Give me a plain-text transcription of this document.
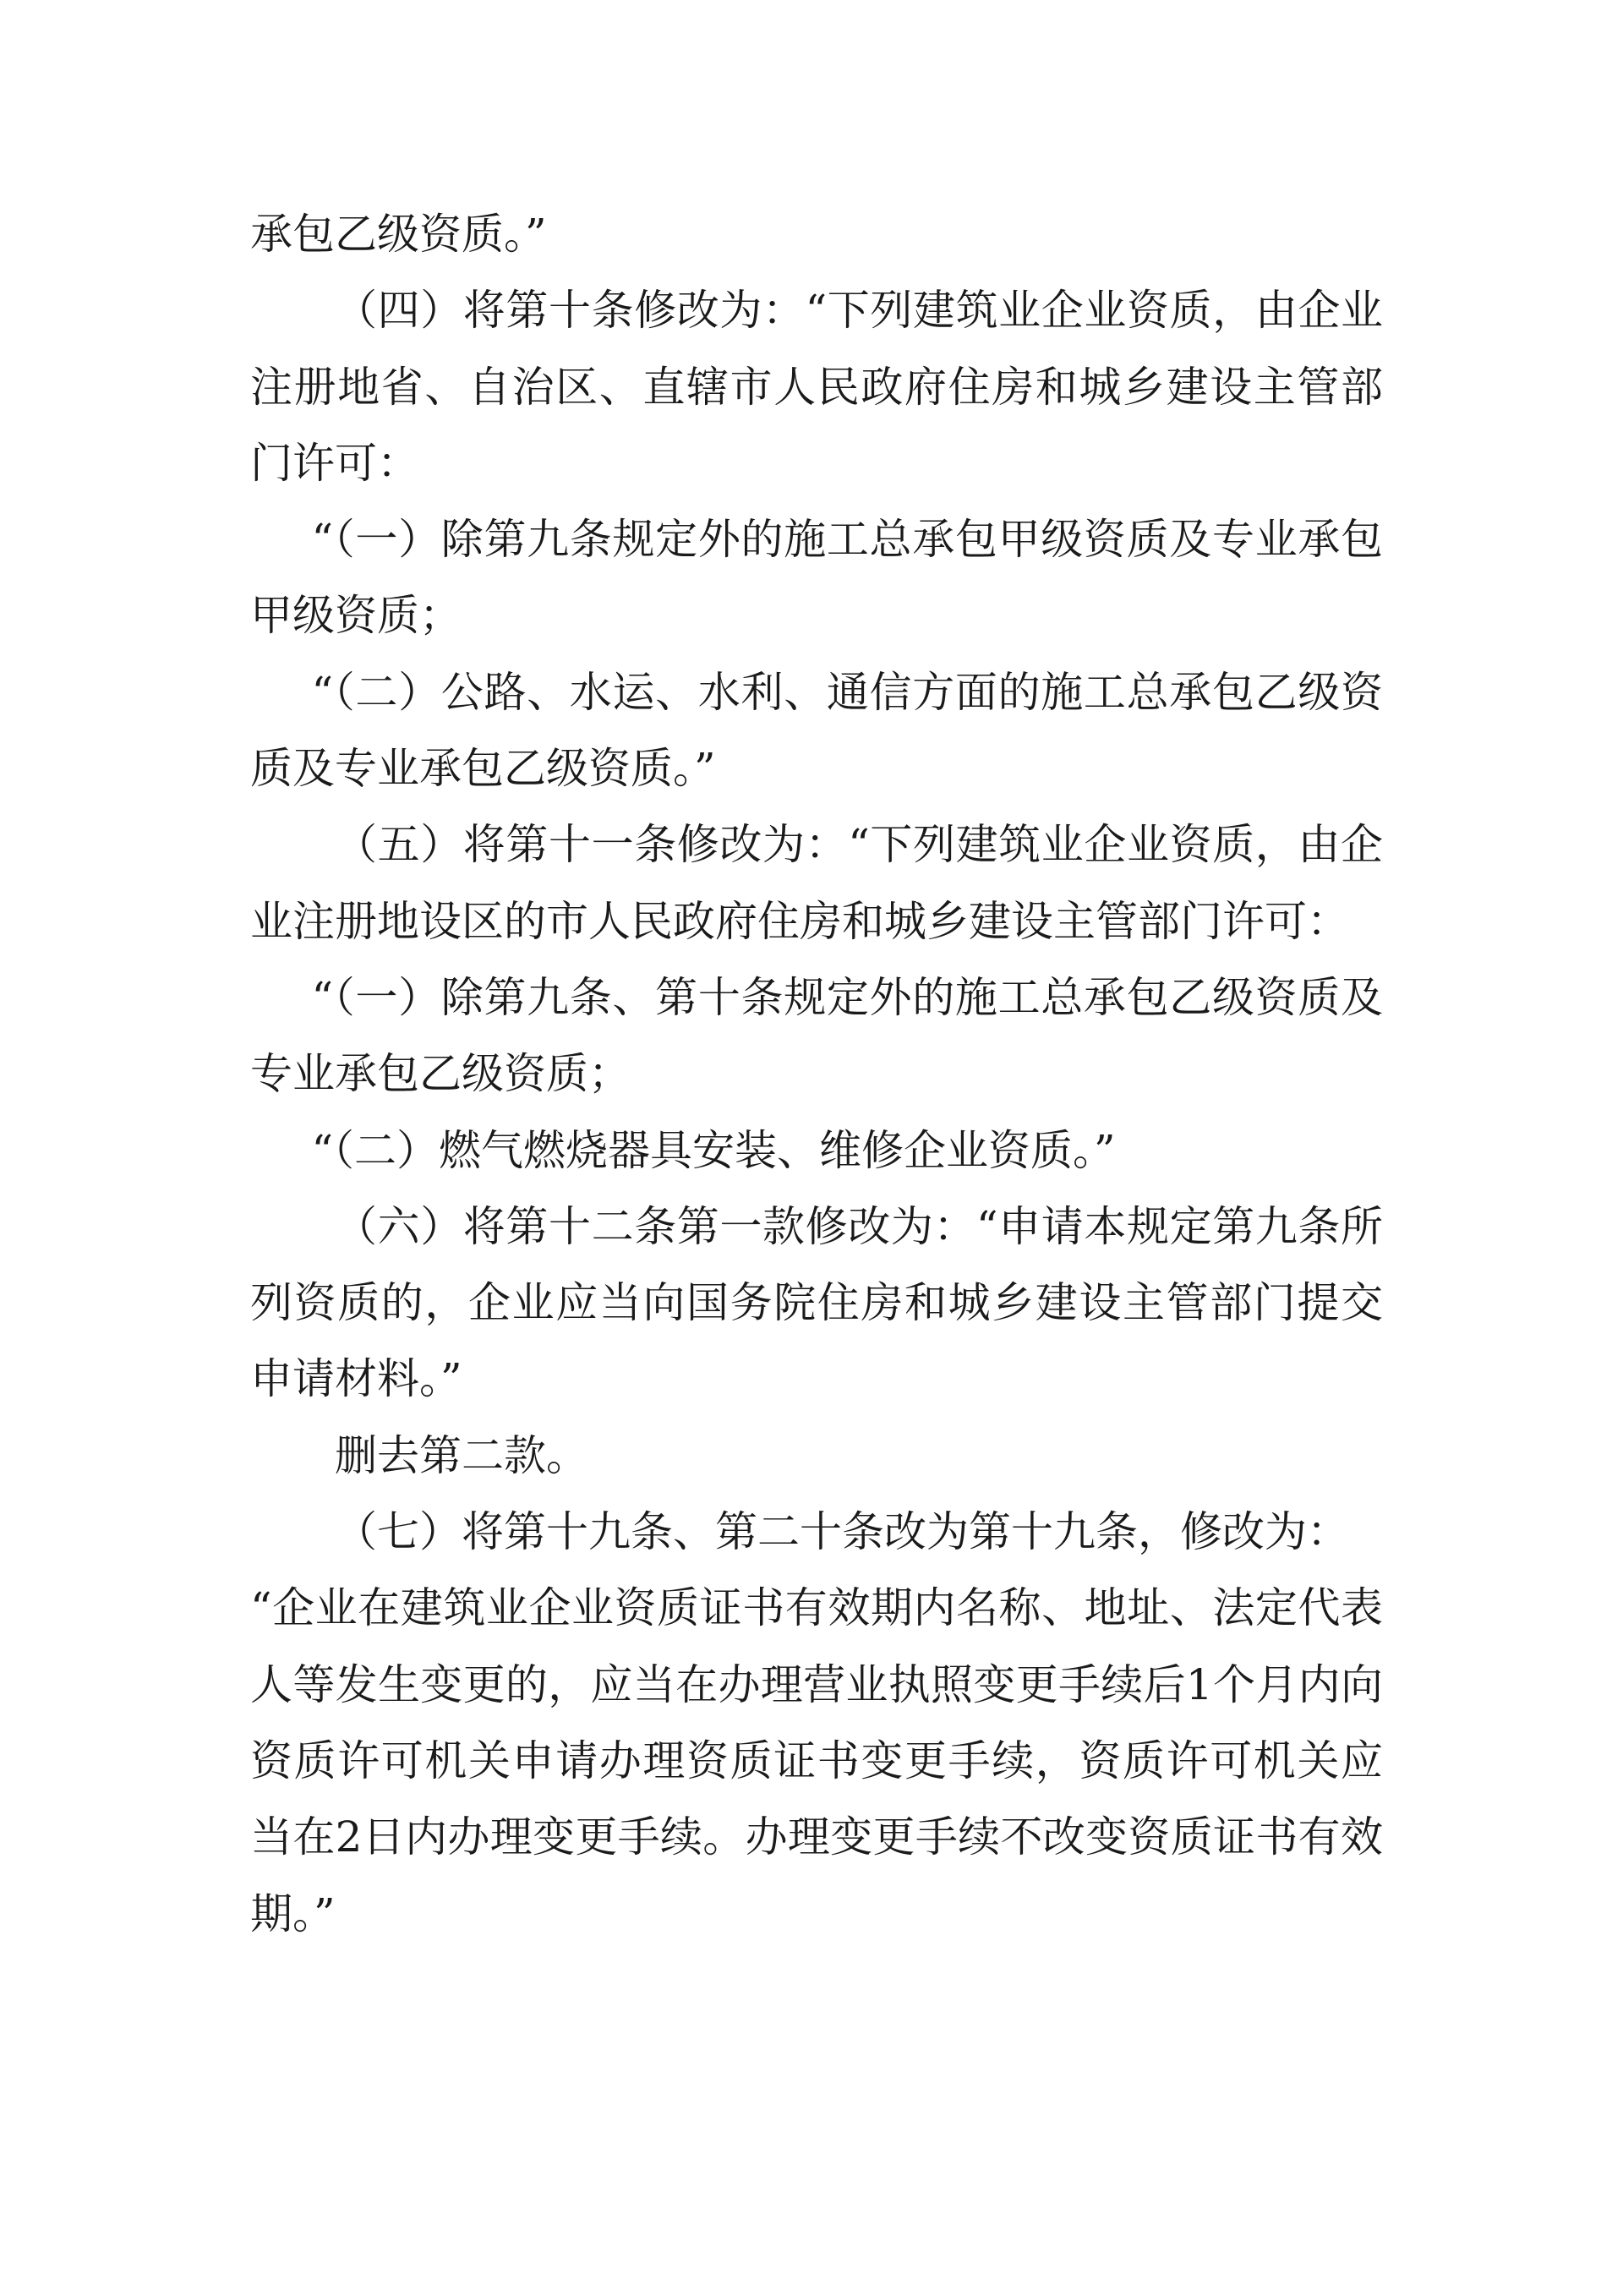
承包乙级资质。”

（四）将第十条修改为：“下列建筑业企业资质，由企业注册地省、自治区、直辖市人民政府住房和城乡建设主管部门许可：

“（一）除第九条规定外的施工总承包甲级资质及专业承包甲级资质；

“（二）公路、水运、水利、通信方面的施工总承包乙级资质及专业承包乙级资质。”

（五）将第十一条修改为：“下列建筑业企业资质，由企业注册地设区的市人民政府住房和城乡建设主管部门许可：

“（一）除第九条、第十条规定外的施工总承包乙级资质及专业承包乙级资质；

“（二）燃气燃烧器具安装、维修企业资质。”

（六）将第十二条第一款修改为：“申请本规定第九条所列资质的，企业应当向国务院住房和城乡建设主管部门提交申请材料。”

删去第二款。

（七）将第十九条、第二十条改为第十九条，修改为：

“企业在建筑业企业资质证书有效期内名称、地址、法定代表人等发生变更的，应当在办理营业执照变更手续后1个月内向资质许可机关申请办理资质证书变更手续，资质许可机关应当在2日内办理变更手续。办理变更手续不改变资质证书有效期。”
